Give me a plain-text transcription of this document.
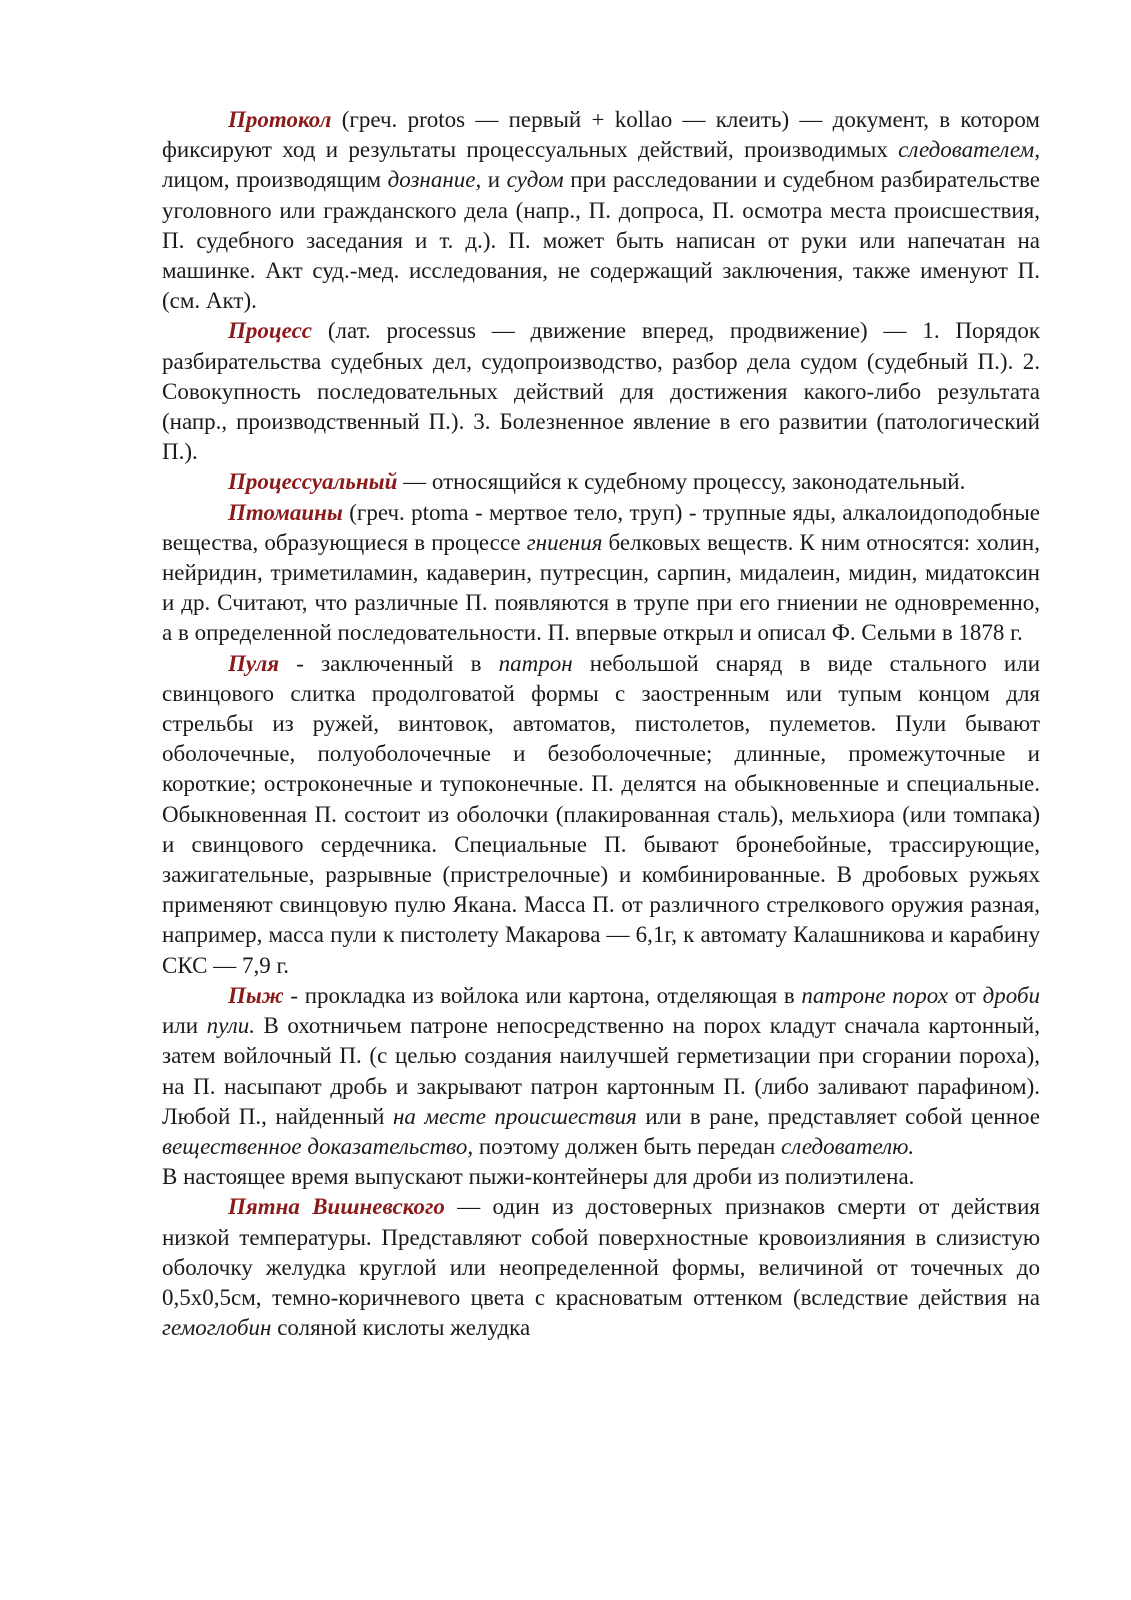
Протокол (греч. protos — первый + kollao — клеить) — документ, в котором фиксируют ход и результаты процессуальных действий, производимых следователем, лицом, производящим дознание, и судом при расследовании и судебном разбирательстве уголовного или гражданского дела (напр., П. допроса, П. осмотра места происшествия, П. судебного заседания и т. д.). П. может быть написан от руки или напечатан на машинке. Акт суд.-мед. исследования, не содержащий заключения, также именуют П. (см. Акт).

Процесс (лат. processus — движение вперед, продвижение) — 1. Порядок разбирательства судебных дел, судопроизводство, разбор дела судом (судебный П.). 2. Совокупность последовательных действий для достижения какого-либо результата (напр., производственный П.). 3. Болезненное явление в его развитии (патологический П.).

Процессуальный — относящийся к судебному процессу, законодательный.

Птомаины (греч. ptoma - мертвое тело, труп) - трупные яды, алкалоидоподобные вещества, образующиеся в процессе гниения белковых веществ. К ним относятся: холин, нейридин, триметиламин, кадаверин, путресцин, сарпин, мидалеин, мидин, мидатоксин и др. Считают, что различные П. появляются в трупе при его гниении не одновременно, а в определенной последовательности. П. впервые открыл и описал Ф. Сельми в 1878 г.

Пуля - заключенный в патрон небольшой снаряд в виде стального или свинцового слитка продолговатой формы с заостренным или тупым концом для стрельбы из ружей, винтовок, автоматов, пистолетов, пулеметов. Пули бывают оболочечные, полуоболочечные и безоболочечные; длинные, промежуточные и короткие; остроконечные и тупоконечные. П. делятся на обыкновенные и специальные. Обыкновенная П. состоит из оболочки (плакированная сталь), мельхиора (или томпака) и свинцового сердечника. Специальные П. бывают бронебойные, трассирующие, зажигательные, разрывные (пристрелочные) и комбинированные. В дробовых ружьях применяют свинцовую пулю Якана. Масса П. от различного стрелкового оружия разная, например, масса пули к пистолету Макарова — 6,1г, к автомату Калашникова и карабину СКС — 7,9 г.

Пыж - прокладка из войлока или картона, отделяющая в патроне порох от дроби или пули. В охотничьем патроне непосредственно на порох кладут сначала картонный, затем войлочный П. (с целью создания наилучшей герметизации при сгорании пороха), на П. насыпают дробь и закрывают патрон картонным П. (либо заливают парафином). Любой П., найденный на месте происшествия или в ране, представляет собой ценное вещественное доказательство, поэтому должен быть передан следователю.

В настоящее время выпускают пыжи-контейнеры для дроби из полиэтилена.

Пятна Вишневского — один из достоверных признаков смерти от действия низкой температуры. Представляют собой поверхностные кровоизлияния в слизистую оболочку желудка круглой или неопределенной формы, величиной от точечных до 0,5х0,5см, темно-коричневого цвета с красноватым оттенком (вследствие действия на гемоглобин соляной кислоты желудка
